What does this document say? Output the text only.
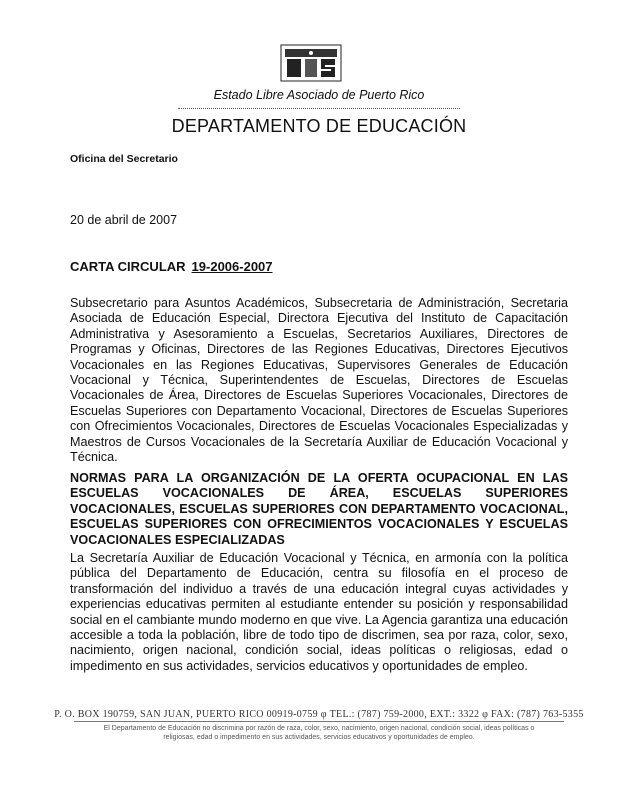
Estado Libre Asociado de Puerto Rico
DEPARTAMENTO DE EDUCACIÓN
Oficina del Secretario
20 de abril de 2007
CARTA CIRCULAR 19-2006-2007

Subsecretario para Asuntos Académicos, Subsecretaria de Administración, Secretaria Asociada de Educación Especial, Directora Ejecutiva del Instituto de Capacitación Administrativa y Asesoramiento a Escuelas, Secretarios Auxiliares, Directores de Programas y Oficinas, Directores de las Regiones Educativas, Directores Ejecutivos Vocacionales en las Regiones Educativas, Supervisores Generales de Educación Vocacional y Técnica, Superintendentes de Escuelas, Directores de Escuelas Vocacionales de Área, Directores de Escuelas Superiores Vocacionales, Directores de Escuelas Superiores con Departamento Vocacional, Directores de Escuelas Superiores con Ofrecimientos Vocacionales, Directores de Escuelas Vocacionales Especializadas y Maestros de Cursos Vocacionales de la Secretaría Auxiliar de Educación Vocacional y Técnica.

NORMAS PARA LA ORGANIZACIÓN DE LA OFERTA OCUPACIONAL EN LAS ESCUELAS VOCACIONALES DE ÁREA, ESCUELAS SUPERIORES VOCACIONALES, ESCUELAS SUPERIORES CON DEPARTAMENTO VOCACIONAL, ESCUELAS SUPERIORES CON OFRECIMIENTOS VOCACIONALES Y ESCUELAS VOCACIONALES ESPECIALIZADAS

La Secretaría Auxiliar de Educación Vocacional y Técnica, en armonía con la política pública del Departamento de Educación, centra su filosofía en el proceso de transformación del individuo a través de una educación integral cuyas actividades y experiencias educativas permiten al estudiante entender su posición y responsabilidad social en el cambiante mundo moderno en que vive. La Agencia garantiza una educación accesible a toda la población, libre de todo tipo de discrimen, sea por raza, color, sexo, nacimiento, origen nacional, condición social, ideas políticas o religiosas, edad o impedimento en sus actividades, servicios educativos y oportunidades de empleo.

P. O. BOX 190759, SAN JUAN, PUERTO RICO 00919-0759 φ TEL.: (787) 759-2000, EXT.: 3322 φ FAX: (787) 763-5355
El Departamento de Educación no discrimina por razón de raza, color, sexo, nacimiento, origen nacional, condición social, ideas políticas o religiosas, edad o impedimento en sus actividades, servicios educativos y oportunidades de empleo.
